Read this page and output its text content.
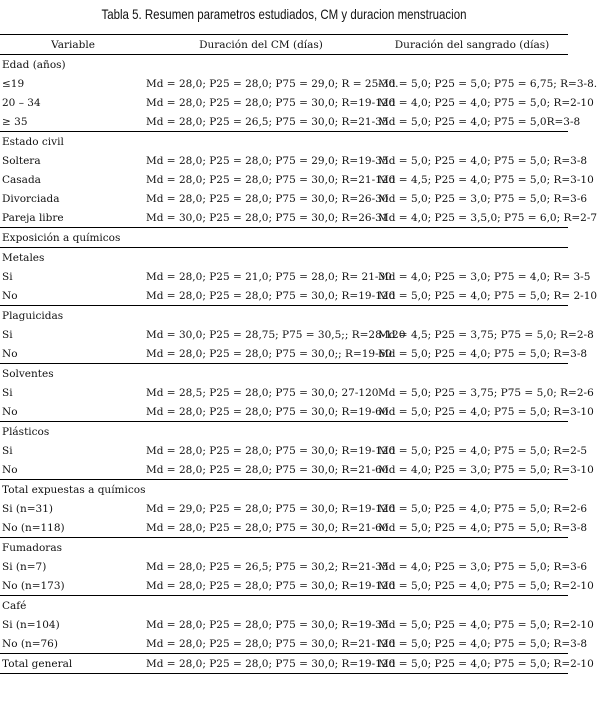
Tabla 5. Resumen parametros estudiados, CM y duracion menstruacion
Variable	Duración del CM (días)	Duración del sangrado (días)
Edad (años)		
≤19	Md = 28,0; P25 = 28,0; P75 = 29,0; R = 25-30.	Md = 5,0; P25 = 5,0; P75 = 6,75; R=3-8.
20 – 34	Md = 28,0; P25 = 28,0; P75 = 30,0; R=19-120	Md = 4,0; P25 = 4,0; P75 = 5,0; R=2-10
≥ 35	Md = 28,0; P25 = 26,5; P75 = 30,0; R=21-35	Md = 5,0; P25 = 4,0; P75 = 5,0R=3-8
Estado civil		
Soltera	Md = 28,0; P25 = 28,0; P75 = 29,0; R=19-35	Md = 5,0; P25 = 4,0; P75 = 5,0; R=3-8
Casada	Md = 28,0; P25 = 28,0; P75 = 30,0; R=21-120	Md = 4,5; P25 = 4,0; P75 = 5,0; R=3-10
Divorciada	Md = 28,0; P25 = 28,0; P75 = 30,0; R=26-30	Md = 5,0; P25 = 3,0; P75 = 5,0; R=3-6
Pareja libre	Md = 30,0; P25 = 28,0; P75 = 30,0; R=26-31	Md = 4,0; P25 = 3,5,0; P75 = 6,0; R=2-7
Exposición a químicos		
Metales		
Si	Md = 28,0; P25 = 21,0; P75 = 28,0; R= 21-30	Md = 4,0; P25 = 3,0; P75 = 4,0; R= 3-5
No	Md = 28,0; P25 = 28,0; P75 = 30,0; R=19-120	Md = 5,0; P25 = 4,0; P75 = 5,0; R= 2-10
Plaguicidas		
Si	Md = 30,0; P25 = 28,75; P75 = 30,5;; R=28-120	Md = 4,5; P25 = 3,75; P75 = 5,0; R=2-8
No	Md = 28,0; P25 = 28,0; P75 = 30,0;; R=19-60	Md = 5,0; P25 = 4,0; P75 = 5,0; R=3-8
Solventes		
Si	Md = 28,5; P25 = 28,0; P75 = 30,0; 27-120	Md = 5,0; P25 = 3,75; P75 = 5,0; R=2-6
No	Md = 28,0; P25 = 28,0; P75 = 30,0; R=19-60	Md = 5,0; P25 = 4,0; P75 = 5,0; R=3-10
Plásticos		
Si	Md = 28,0; P25 = 28,0; P75 = 30,0; R=19-120	Md = 5,0; P25 = 4,0; P75 = 5,0; R=2-5
No	Md = 28,0; P25 = 28,0; P75 = 30,0; R=21-60	Md = 4,0; P25 = 3,0; P75 = 5,0; R=3-10
Total expuestas a químicos		
Si (n=31)	Md = 29,0; P25 = 28,0; P75 = 30,0; R=19-120	Md = 5,0; P25 = 4,0; P75 = 5,0; R=2-6
No (n=118)	Md = 28,0; P25 = 28,0; P75 = 30,0; R=21-60	Md = 5,0; P25 = 4,0; P75 = 5,0; R=3-8
Fumadoras		
Si (n=7)	Md = 28,0; P25 = 26,5; P75 = 30,2; R=21-35	Md = 4,0; P25 = 3,0; P75 = 5,0; R=3-6
No (n=173)	Md = 28,0; P25 = 28,0; P75 = 30,0; R=19-120	Md = 5,0; P25 = 4,0; P75 = 5,0; R=2-10
Café		
Si (n=104)	Md = 28,0; P25 = 28,0; P75 = 30,0; R=19-35	Md = 5,0; P25 = 4,0; P75 = 5,0; R=2-10
No (n=76)	Md = 28,0; P25 = 28,0; P75 = 30,0; R=21-120	Md = 5,0; P25 = 4,0; P75 = 5,0; R=3-8
Total general	Md = 28,0; P25 = 28,0; P75 = 30,0; R=19-120	Md = 5,0; P25 = 4,0; P75 = 5,0; R=2-10
